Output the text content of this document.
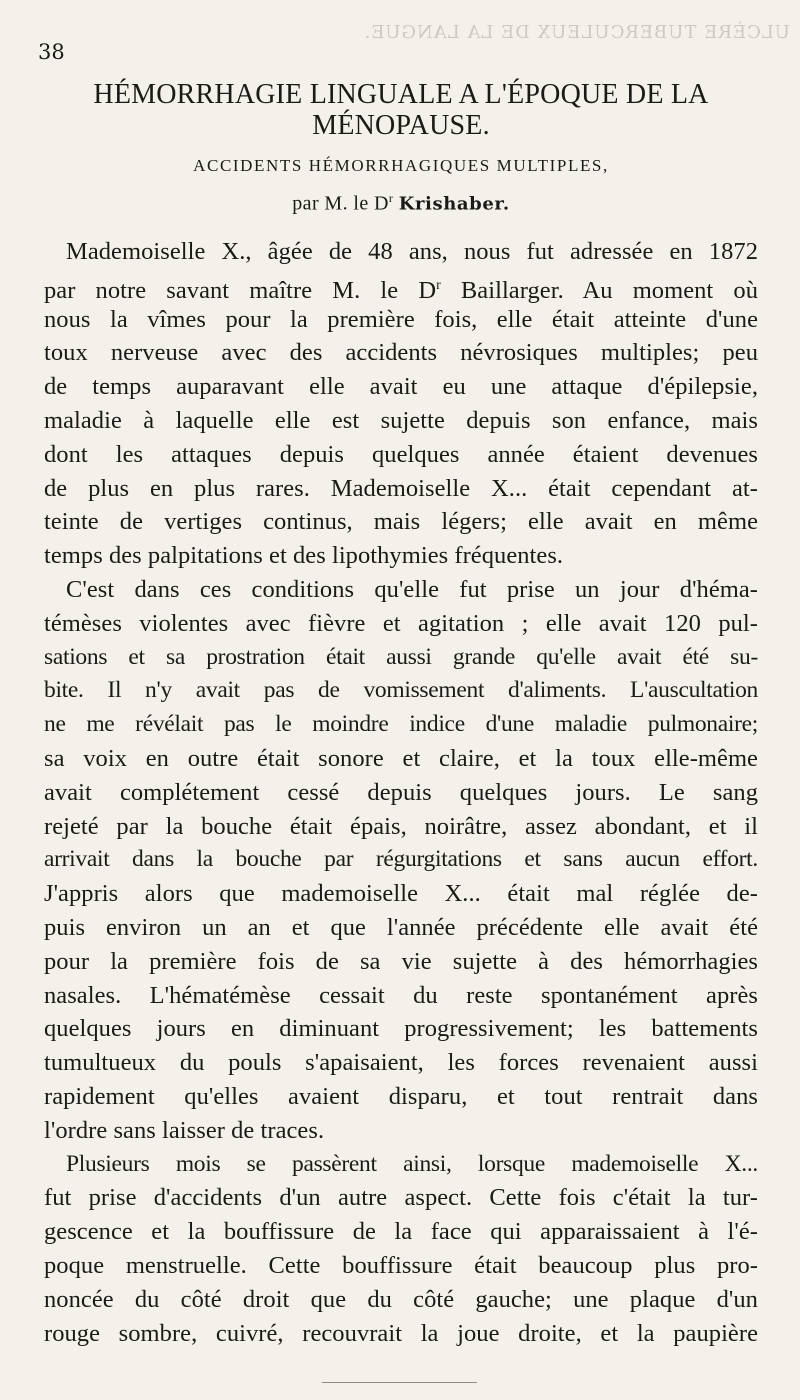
ULCÈRE TUBERCULEUX DE LA LANGUE.
38
HÉMORRHAGIE LINGUALE A L'ÉPOQUE DE LA
MÉNOPAUSE.
ACCIDENTS HÉMORRHAGIQUES MULTIPLES,
par M. le $D^r$ Krishaber.
Mademoiselle X., âgée de 48 ans, nous fut adressée en 1872
par notre savant maître M. le $D^r$ Baillarger. Au moment où
nous la vîmes pour la première fois, elle était atteinte d'une
toux nerveuse avec des accidents névrosiques multiples; peu
de temps auparavant elle avait eu une attaque d'épilepsie,
maladie à laquelle elle est sujette depuis son enfance, mais
dont les attaques depuis quelques année étaient devenues
de plus en plus rares. Mademoiselle X... était cependant at-
teinte de vertiges continus, mais légers; elle avait en même
temps des palpitations et des lipothymies fréquentes.
C'est dans ces conditions qu'elle fut prise un jour d'héma-
témèses violentes avec fièvre et agitation ; elle avait 120 pul-
sations et sa prostration était aussi grande qu'elle avait été su-
bite. Il n'y avait pas de vomissement d'aliments. L'auscultation
ne me révélait pas le moindre indice d'une maladie pulmonaire;
sa voix en outre était sonore et claire, et la toux elle-même
avait complétement cessé depuis quelques jours. Le sang
rejeté par la bouche était épais, noirâtre, assez abondant, et il
arrivait dans la bouche par régurgitations et sans aucun effort.
J'appris alors que mademoiselle X... était mal réglée de-
puis environ un an et que l'année précédente elle avait été
pour la première fois de sa vie sujette à des hémorrhagies
nasales. L'hématémèse cessait du reste spontanément après
quelques jours en diminuant progressivement; les battements
tumultueux du pouls s'apaisaient, les forces revenaient aussi
rapidement qu'elles avaient disparu, et tout rentrait dans
l'ordre sans laisser de traces.
Plusieurs mois se passèrent ainsi, lorsque mademoiselle X...
fut prise d'accidents d'un autre aspect. Cette fois c'était la tur-
gescence et la bouffissure de la face qui apparaissaient à l'é-
poque menstruelle. Cette bouffissure était beaucoup plus pro-
noncée du côté droit que du côté gauche; une plaque d'un
rouge sombre, cuivré, recouvrait la joue droite, et la paupière
